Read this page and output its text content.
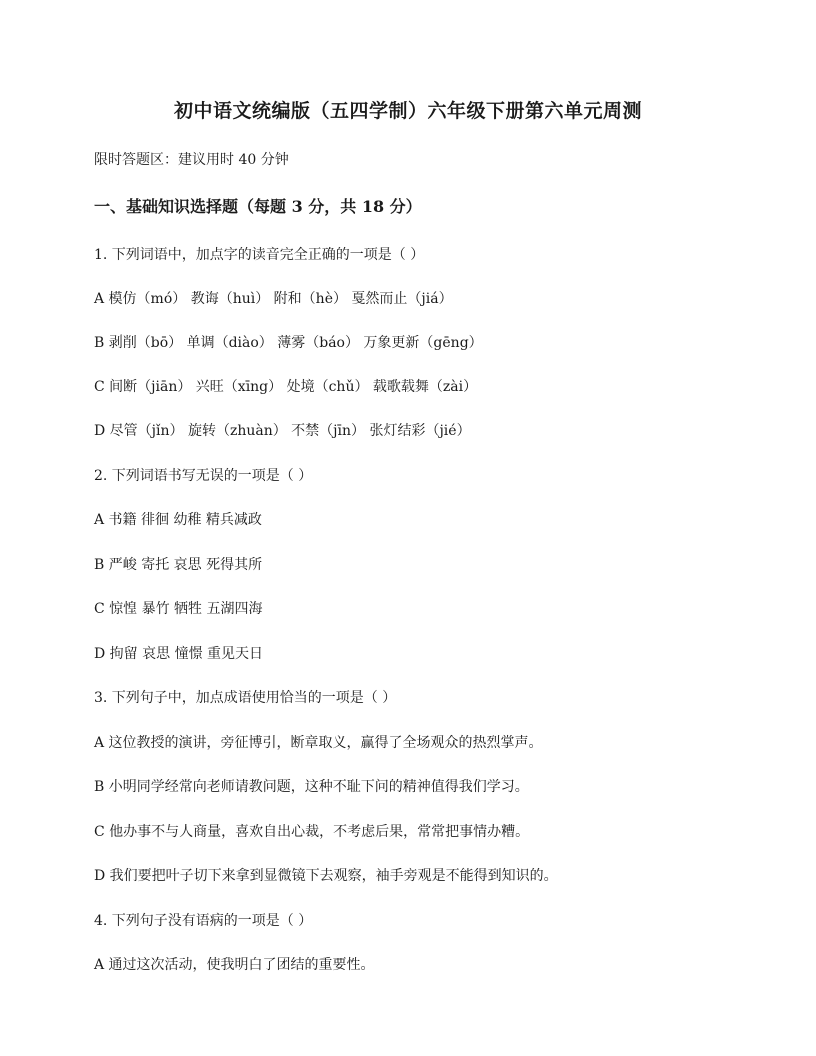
初中语文统编版（五四学制）六年级下册第六单元周测

限时答题区：建议用时 40 分钟

一、基础知识选择题（每题 3 分，共 18 分）

1. 下列词语中，加点字的读音完全正确的一项是（ ）

A 模仿（mó） 教诲（huì） 附和（hè） 戛然而止（jiá）

B 剥削（bō） 单调（diào） 薄雾（báo） 万象更新（gēng）

C 间断（jiān） 兴旺（xīng） 处境（chǔ） 载歌载舞（zài）

D 尽管（jǐn） 旋转（zhuàn） 不禁（jīn） 张灯结彩（jié）

2. 下列词语书写无误的一项是（ ）

A 书籍 徘徊 幼稚 精兵减政

B 严峻 寄托 哀思 死得其所

C 惊惶 暴竹 牺牲 五湖四海

D 拘留 哀思 憧憬 重见天日

3. 下列句子中，加点成语使用恰当的一项是（ ）

A 这位教授的演讲，旁征博引，断章取义，赢得了全场观众的热烈掌声。

B 小明同学经常向老师请教问题，这种不耻下问的精神值得我们学习。

C 他办事不与人商量，喜欢自出心裁，不考虑后果，常常把事情办糟。

D 我们要把叶子切下来拿到显微镜下去观察，袖手旁观是不能得到知识的。

4. 下列句子没有语病的一项是（ ）

A 通过这次活动，使我明白了团结的重要性。
